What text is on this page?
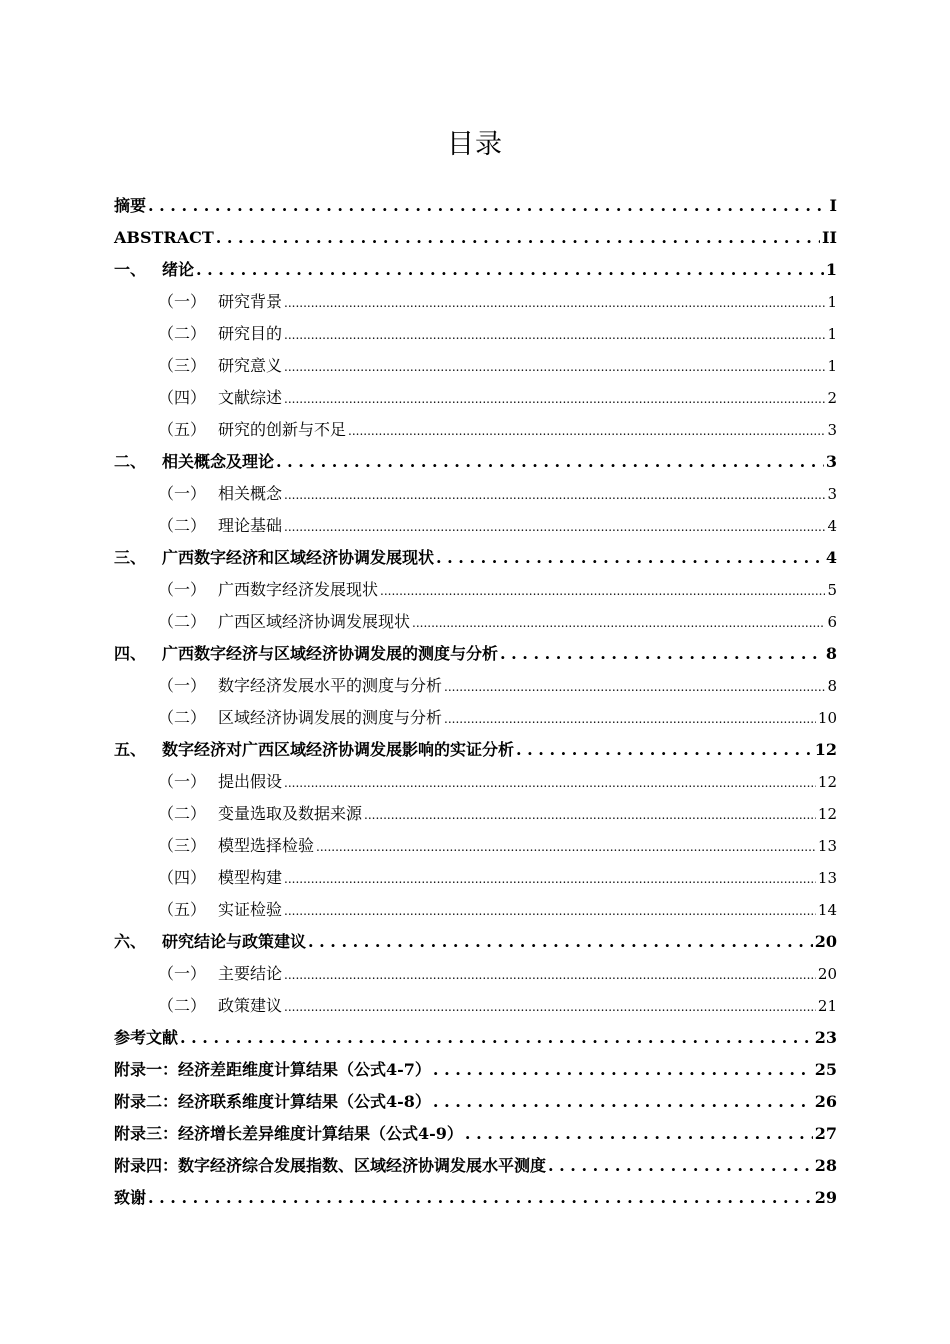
目录
摘要 . . .	I
ABSTRACT . . .	II
一、 绪论 . . .	1
（一） 研究背景 .....	1
（二） 研究目的 .....	1
（三） 研究意义 .....	1
（四） 文献综述 .....	2
（五） 研究的创新与不足 .....	3
二、 相关概念及理论 . . .	3
（一） 相关概念 .....	3
（二） 理论基础 .....	4
三、 广西数字经济和区域经济协调发展现状 . . .	4
（一） 广西数字经济发展现状 .....	5
（二） 广西区域经济协调发展现状 .....	6
四、 广西数字经济与区域经济协调发展的测度与分析 . . .	8
（一） 数字经济发展水平的测度与分析 .....	8
（二） 区域经济协调发展的测度与分析 .....	10
五、 数字经济对广西区域经济协调发展影响的实证分析 . . .	12
（一） 提出假设 .....	12
（二） 变量选取及数据来源 .....	12
（三） 模型选择检验 .....	13
（四） 模型构建 .....	13
（五） 实证检验 .....	14
六、 研究结论与政策建议 . . .	20
（一） 主要结论 .....	20
（二） 政策建议 .....	21
参考文献 . . .	23
附录一：经济差距维度计算结果（公式4-7） . . .	25
附录二：经济联系维度计算结果（公式4-8） . . .	26
附录三：经济增长差异维度计算结果（公式4-9） . . .	27
附录四：数字经济综合发展指数、区域经济协调发展水平测度 . . .	28
致谢 . . .	29
